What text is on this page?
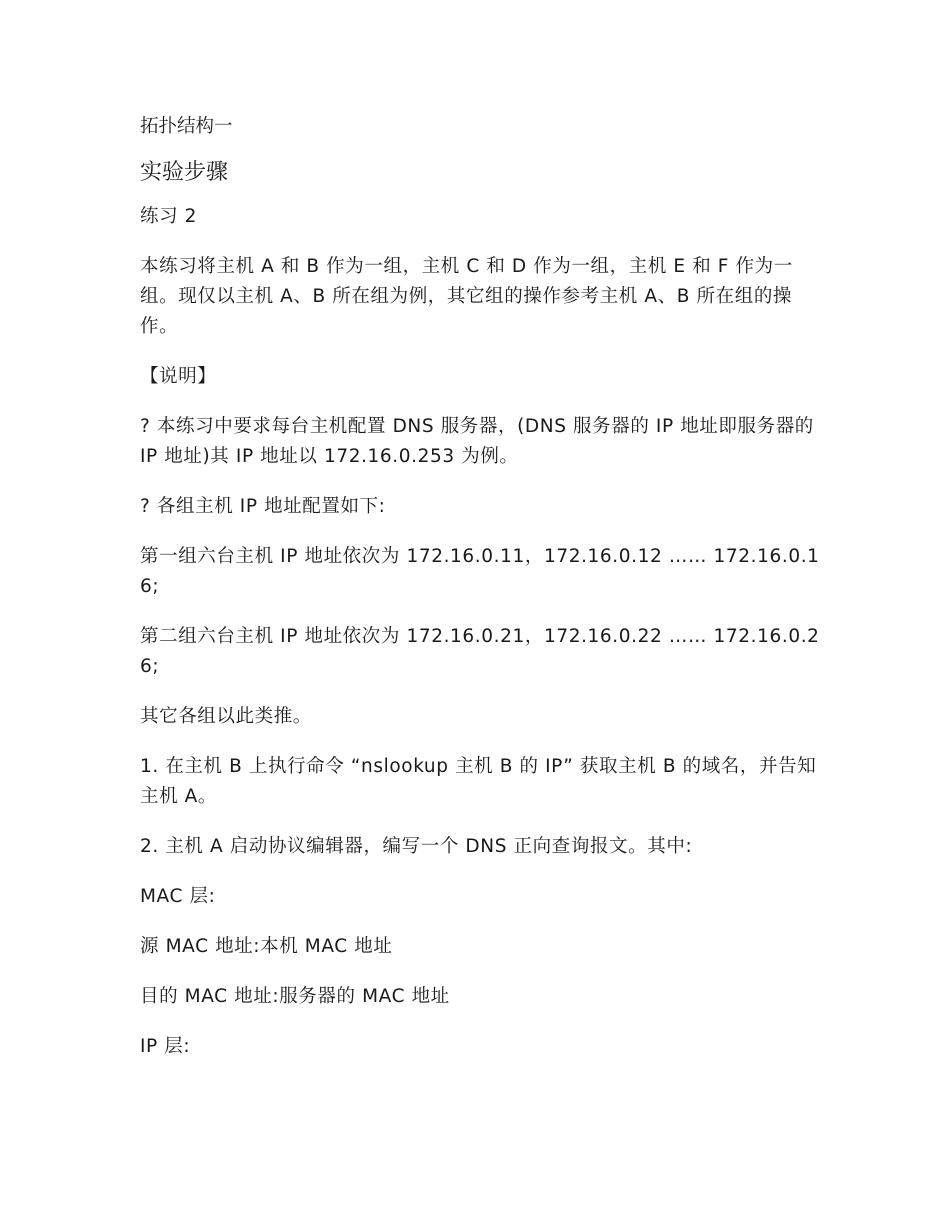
拓扑结构一
实验步骤
练习 2
本练习将主机 A 和 B 作为一组，主机 C 和 D 作为一组，主机 E 和 F 作为一组。现仅以主机 A、B 所在组为例，其它组的操作参考主机 A、B 所在组的操作。
【说明】
? 本练习中要求每台主机配置 DNS 服务器，(DNS 服务器的 IP 地址即服务器的 IP 地址)其 IP 地址以 172.16.0.253 为例。
? 各组主机 IP 地址配置如下:
第一组六台主机 IP 地址依次为 172.16.0.11，172.16.0.12 …… 172.16.0.16;
第二组六台主机 IP 地址依次为 172.16.0.21，172.16.0.22 …… 172.16.0.26;
其它各组以此类推。
1. 在主机 B 上执行命令 “nslookup 主机 B 的 IP” 获取主机 B 的域名，并告知主机 A。
2. 主机 A 启动协议编辑器，编写一个 DNS 正向查询报文。其中:
MAC 层:
源 MAC 地址:本机 MAC 地址
目的 MAC 地址:服务器的 MAC 地址
IP 层:
